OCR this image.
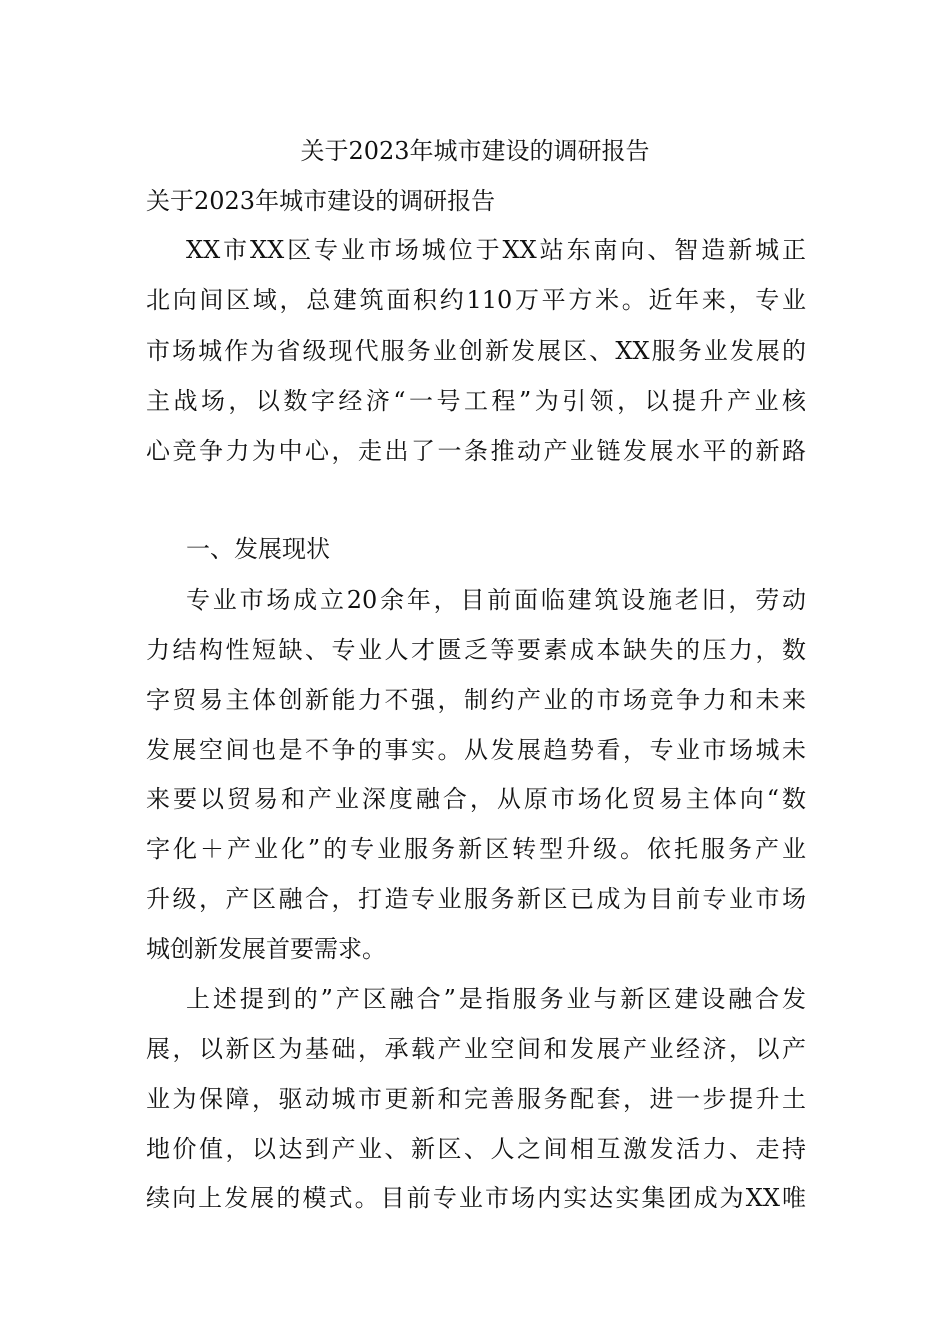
关于2023年城市建设的调研报告
关于2023年城市建设的调研报告
XX市XX区专业市场城位于XX站东南向、智造新城正
北向间区域，总建筑面积约110万平方米。近年来，专业
市场城作为省级现代服务业创新发展区、XX服务业发展的
主战场，以数字经济“一号工程”为引领，以提升产业核
心竞争力为中心，走出了一条推动产业链发展水平的新路
一、发展现状
专业市场成立20余年，目前面临建筑设施老旧，劳动
力结构性短缺、专业人才匮乏等要素成本缺失的压力，数
字贸易主体创新能力不强，制约产业的市场竞争力和未来
发展空间也是不争的事实。从发展趋势看，专业市场城未
来要以贸易和产业深度融合，从原市场化贸易主体向“数
字化＋产业化”的专业服务新区转型升级。依托服务产业
升级，产区融合，打造专业服务新区已成为目前专业市场
城创新发展首要需求。
上述提到的”产区融合”是指服务业与新区建设融合发
展，以新区为基础，承载产业空间和发展产业经济，以产
业为保障，驱动城市更新和完善服务配套，进一步提升土
地价值，以达到产业、新区、人之间相互激发活力、走持
续向上发展的模式。目前专业市场内实达实集团成为XX唯
